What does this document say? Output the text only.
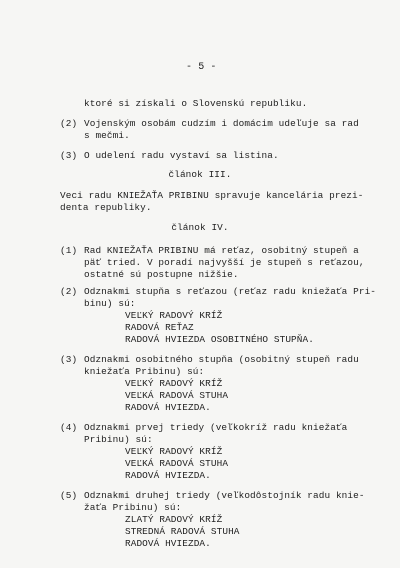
- 5 -
ktoré si získali o Slovenskú republiku.
(2) Vojenským osobám cudzím i domácim udeľuje sa rad
s mečmi.
(3) O udelení radu vystaví sa listina.
článok III.
Veci radu KNIEŽAŤA PRIBINU spravuje kancelária prezi-
denta republiky.
článok IV.
(1) Rad KNIEŽAŤA PRIBINU má reťaz, osobitný stupeň a
päť tried. V poradí najvyšší je stupeň s reťazou,
ostatné sú postupne nižšie.
(2) Odznakmi stupňa s reťazou (reťaz radu kniežaťa Pri-
binu) sú:
VEĽKÝ RADOVÝ KRÍŽ
RADOVÁ REŤAZ
RADOVÁ HVIEZDA OSOBITNÉHO STUPŇA.
(3) Odznakmi osobitného stupňa (osobitný stupeň radu
kniežaťa Pribinu) sú:
VEĽKÝ RADOVÝ KRÍŽ
VEĽKÁ RADOVÁ STUHA
RADOVÁ HVIEZDA.
(4) Odznakmi prvej triedy (veľkokríž radu kniežaťa
Pribinu) sú:
VEĽKÝ RADOVÝ KRÍŽ
VEĽKÁ RADOVÁ STUHA
RADOVÁ HVIEZDA.
(5) Odznakmi druhej triedy (veľkodôstojník radu knie-
žaťa Pribinu) sú:
ZLATÝ RADOVÝ KRÍŽ
STREDNÁ RADOVÁ STUHA
RADOVÁ HVIEZDA.
